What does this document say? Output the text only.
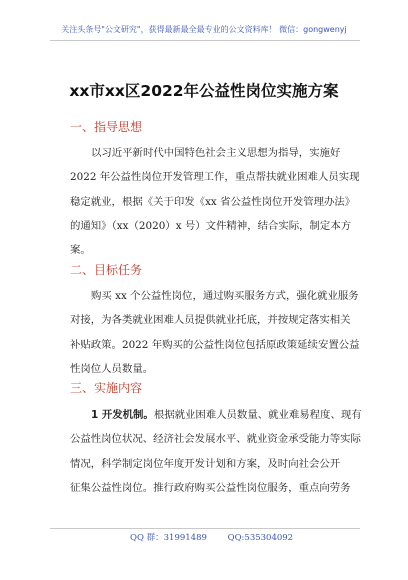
关注头条号"公文研究"，获得最新最全最专业的公文资料库！ 微信：gongwenyj
xx市xx区2022年公益性岗位实施方案
一、指导思想
以习近平新时代中国特色社会主义思想为指导，实施好
2022 年公益性岗位开发管理工作，重点帮扶就业困难人员实现
稳定就业，根据《关于印发《xx 省公益性岗位开发管理办法》
的通知》（xx（2020）x 号）文件精神，结合实际，制定本方
案。
二、目标任务
购买 xx 个公益性岗位，通过购买服务方式，强化就业服务
对接，为各类就业困难人员提供就业托底，并按规定落实相关
补贴政策。2022 年购买的公益性岗位包括原政策延续安置公益
性岗位人员数量。
三、实施内容
1 开发机制。根据就业困难人员数量、就业难易程度、现有
公益性岗位状况、经济社会发展水平、就业资金承受能力等实际
情况，科学制定岗位年度开发计划和方案，及时向社会公开
征集公益性岗位。推行政府购买公益性岗位服务，重点向劳务
QQ 群：31991489 QQ:535304092
